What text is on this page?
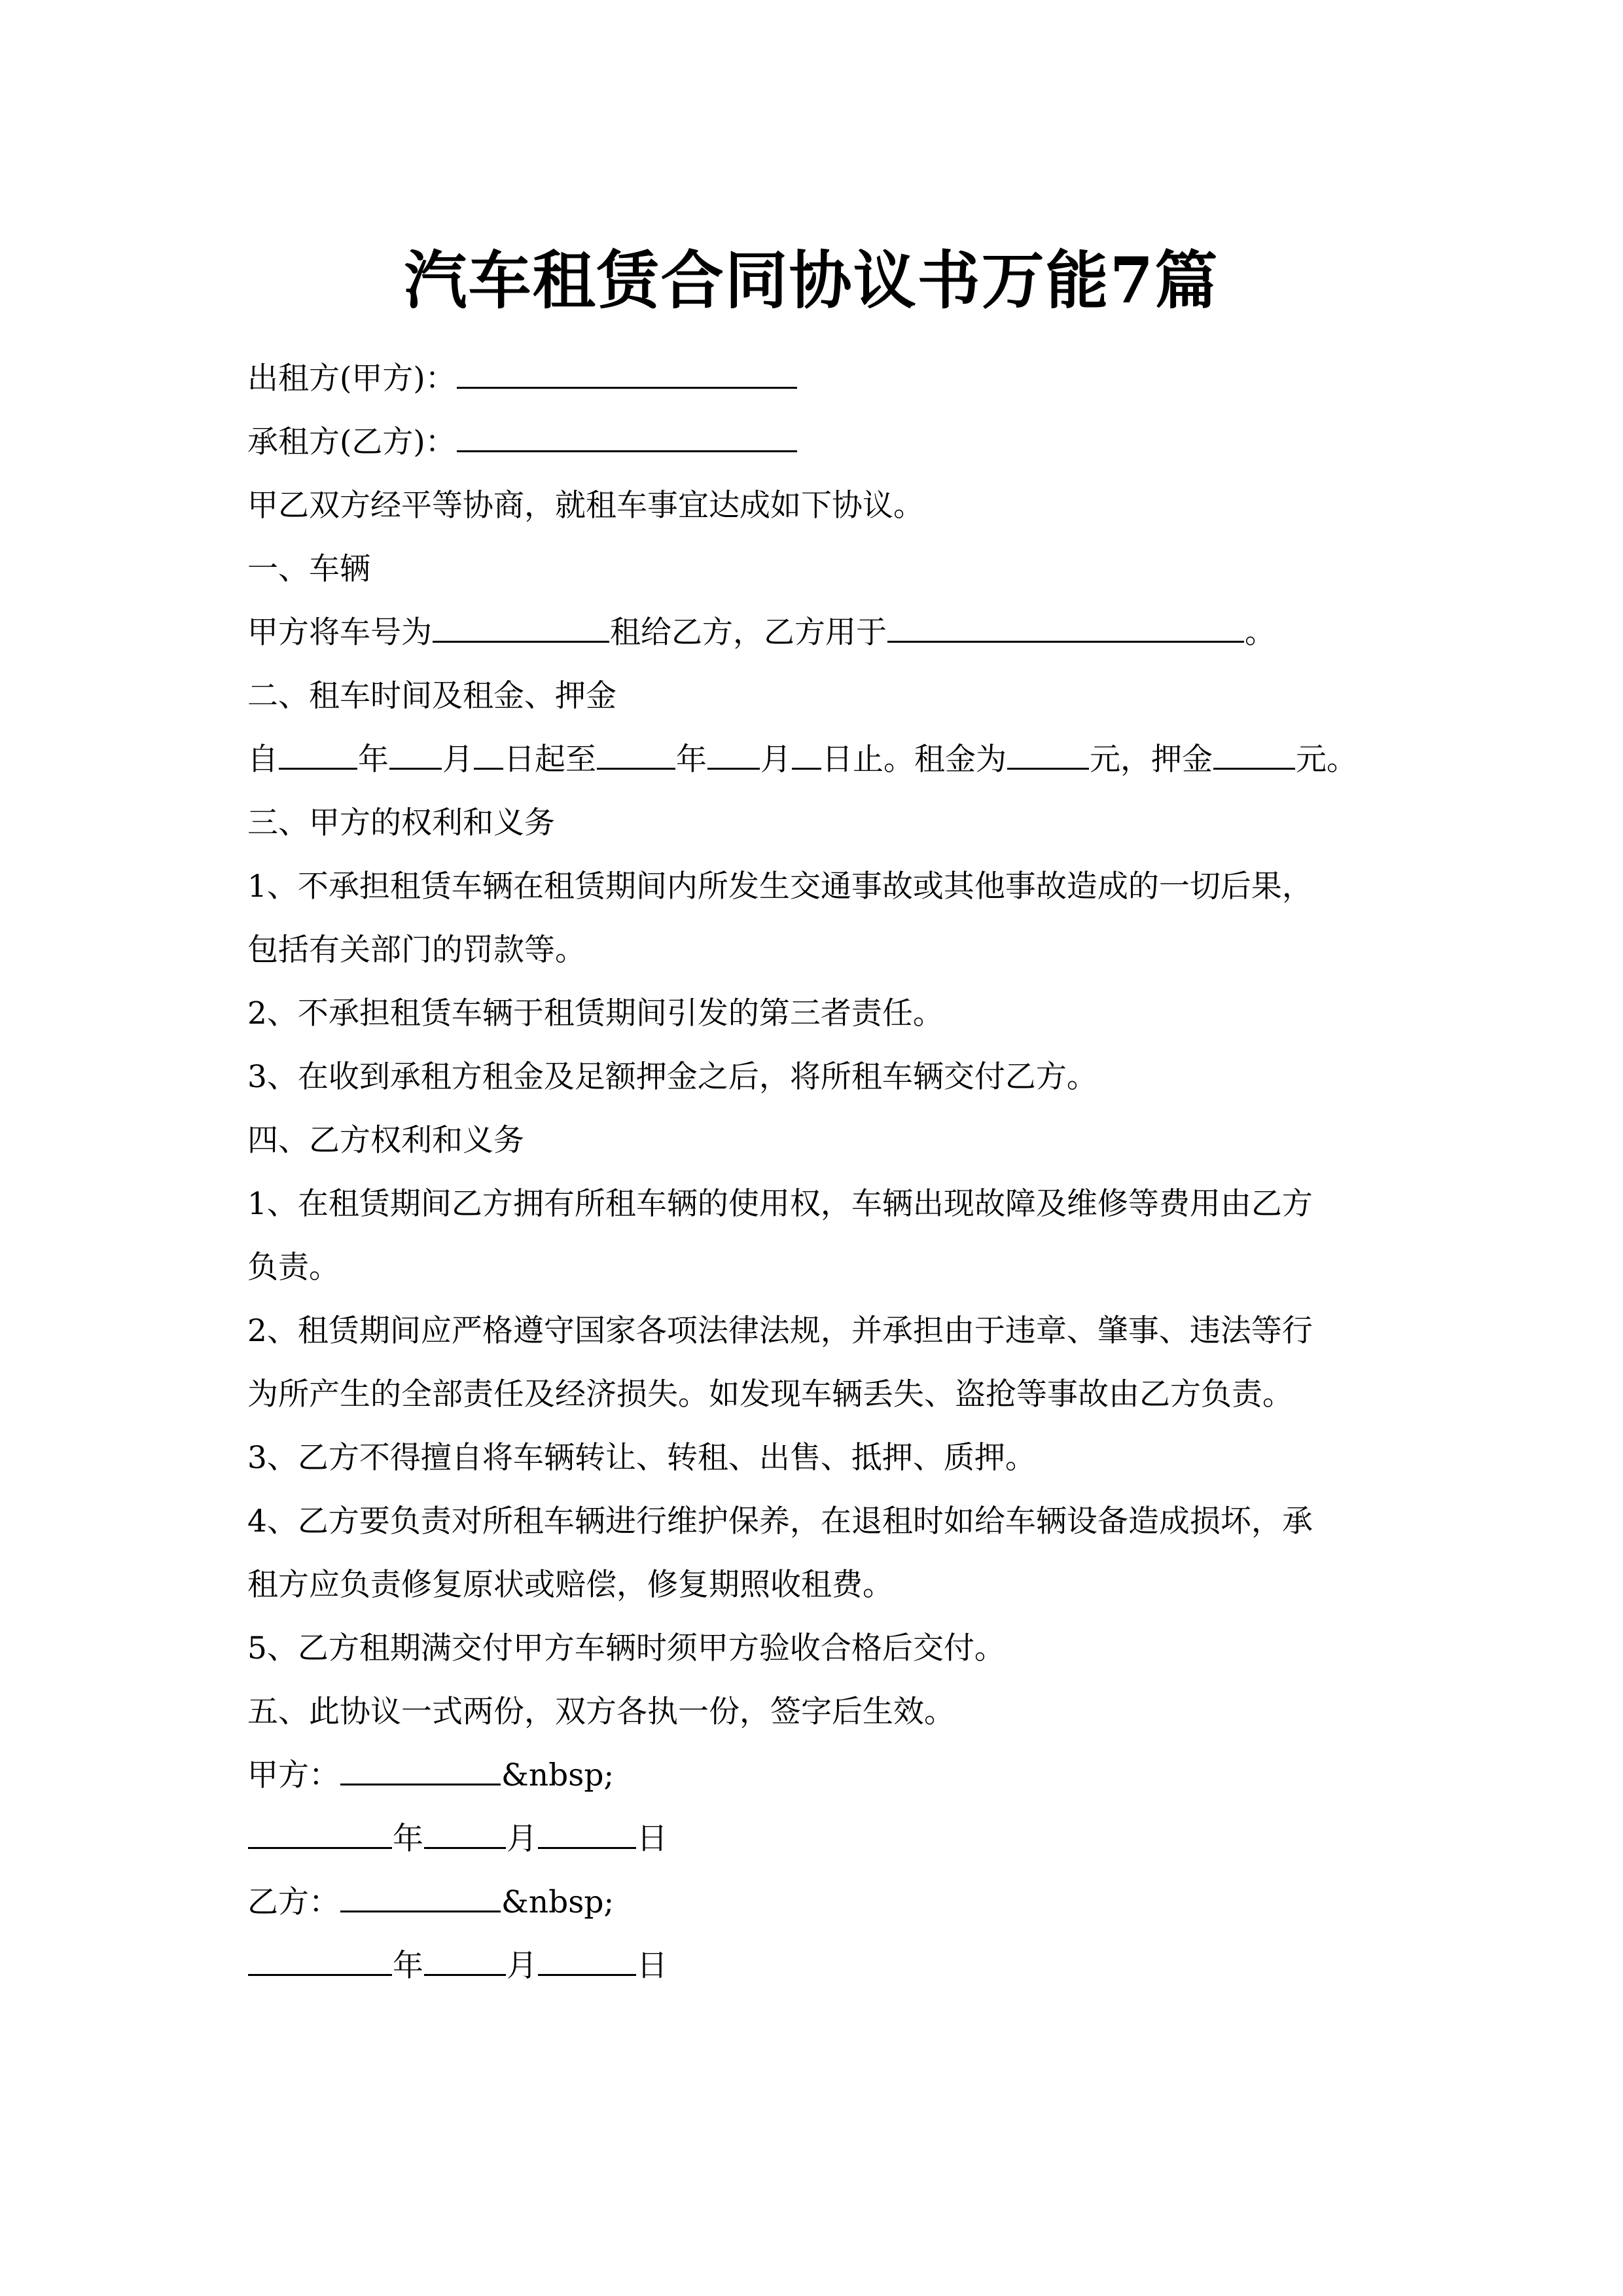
汽车租赁合同协议书万能7篇
出租方(甲方)：
承租方(乙方)：
甲乙双方经平等协商，就租车事宜达成如下协议。
一、车辆
甲方将车号为	租给乙方，乙方用于	。
二、租车时间及租金、押金
自	年 月 日起至	年 月 日止。租金为	元，押金	元。
三、甲方的权利和义务
1、不承担租赁车辆在租赁期间内所发生交通事故或其他事故造成的一切后果，
包括有关部门的罚款等。
2、不承担租赁车辆于租赁期间引发的第三者责任。
3、在收到承租方租金及足额押金之后，将所租车辆交付乙方。
四、乙方权利和义务
1、在租赁期间乙方拥有所租车辆的使用权，车辆出现故障及维修等费用由乙方
负责。
2、租赁期间应严格遵守国家各项法律法规，并承担由于违章、肇事、违法等行
为所产生的全部责任及经济损失。如发现车辆丢失、盗抢等事故由乙方负责。
3、乙方不得擅自将车辆转让、转租、出售、抵押、质押。
4、乙方要负责对所租车辆进行维护保养，在退租时如给车辆设备造成损坏，承
租方应负责修复原状或赔偿，修复期照收租费。
5、乙方租期满交付甲方车辆时须甲方验收合格后交付。
五、此协议一式两份，双方各执一份，签字后生效。
甲方：	&nbsp;
年	月	日
乙方：	&nbsp;
年	月	日
